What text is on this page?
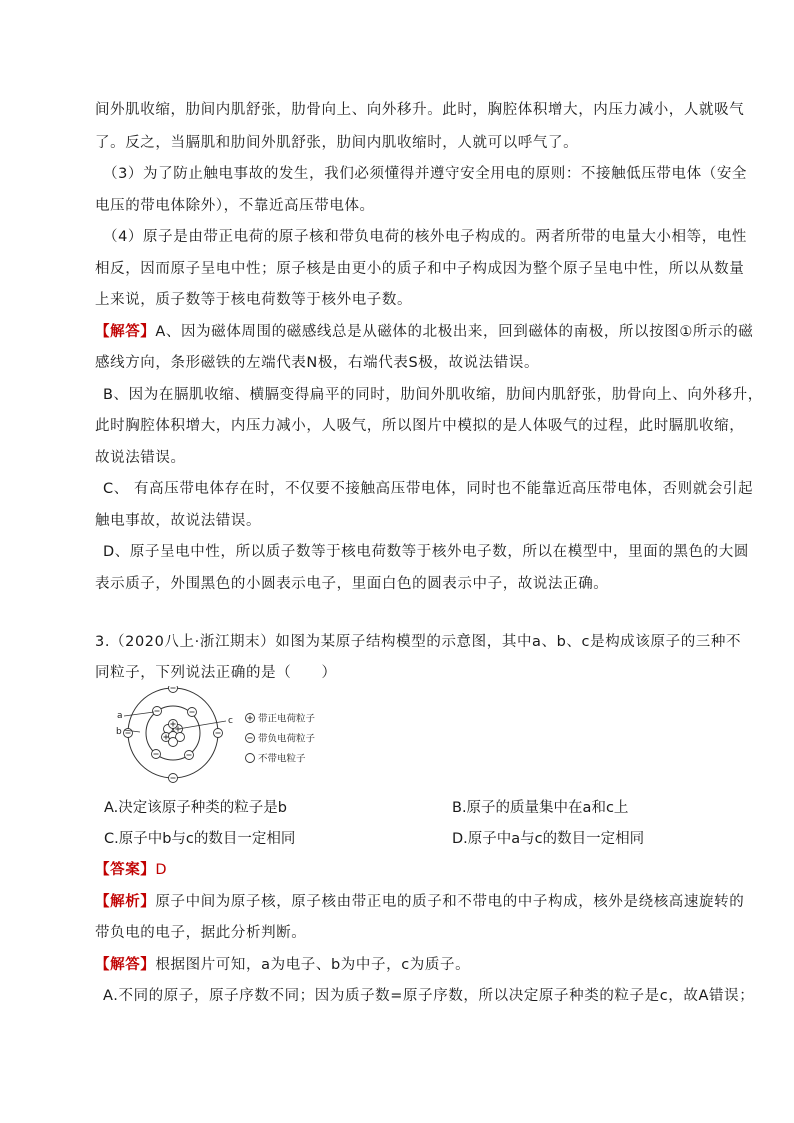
间外肌收缩，肋间内肌舒张，肋骨向上、向外移升。此时，胸腔体积增大，内压力减小，人就吸气
了。反之，当膈肌和肋间外肌舒张，肋间内肌收缩时，人就可以呼气了。
（3）为了防止触电事故的发生，我们必须懂得并遵守安全用电的原则：不接触低压带电体（安全
电压的带电体除外），不靠近高压带电体。
（4）原子是由带正电荷的原子核和带负电荷的核外电子构成的。两者所带的电量大小相等，电性
相反，因而原子呈电中性；原子核是由更小的质子和中子构成因为整个原子呈电中性，所以从数量
上来说，质子数等于核电荷数等于核外电子数。
【解答】A、因为磁体周围的磁感线总是从磁体的北极出来，回到磁体的南极，所以按图①所示的磁
感线方向，条形磁铁的左端代表N极，右端代表S极，故说法错误。
B、因为在膈肌收缩、横膈变得扁平的同时，肋间外肌收缩，肋间内肌舒张，肋骨向上、向外移升，
此时胸腔体积增大，内压力减小，人吸气，所以图片中模拟的是人体吸气的过程，此时膈肌收缩，
故说法错误。
C、 有高压带电体存在时，不仅要不接触高压带电体，同时也不能靠近高压带电体，否则就会引起
触电事故，故说法错误。
D、原子呈电中性，所以质子数等于核电荷数等于核外电子数，所以在模型中，里面的黑色的大圆
表示质子，外围黑色的小圆表示电子，里面白色的圆表示中子，故说法正确。
3.（2020八上·浙江期末）如图为某原子结构模型的示意图，其中a、b、c是构成该原子的三种不
同粒子，下列说法正确的是（　　）
a
b
c	带正电荷粒子
带负电荷粒子
不带电粒子
A.决定该原子种类的粒子是b	B.原子的质量集中在a和c上
C.原子中b与c的数目一定相同	D.原子中a与c的数目一定相同
【答案】D
【解析】原子中间为原子核，原子核由带正电的质子和不带电的中子构成，核外是绕核高速旋转的
带负电的电子，据此分析判断。
【解答】根据图片可知，a为电子、b为中子，c为质子。
A.不同的原子，原子序数不同；因为质子数=原子序数，所以决定原子种类的粒子是c，故A错误；
